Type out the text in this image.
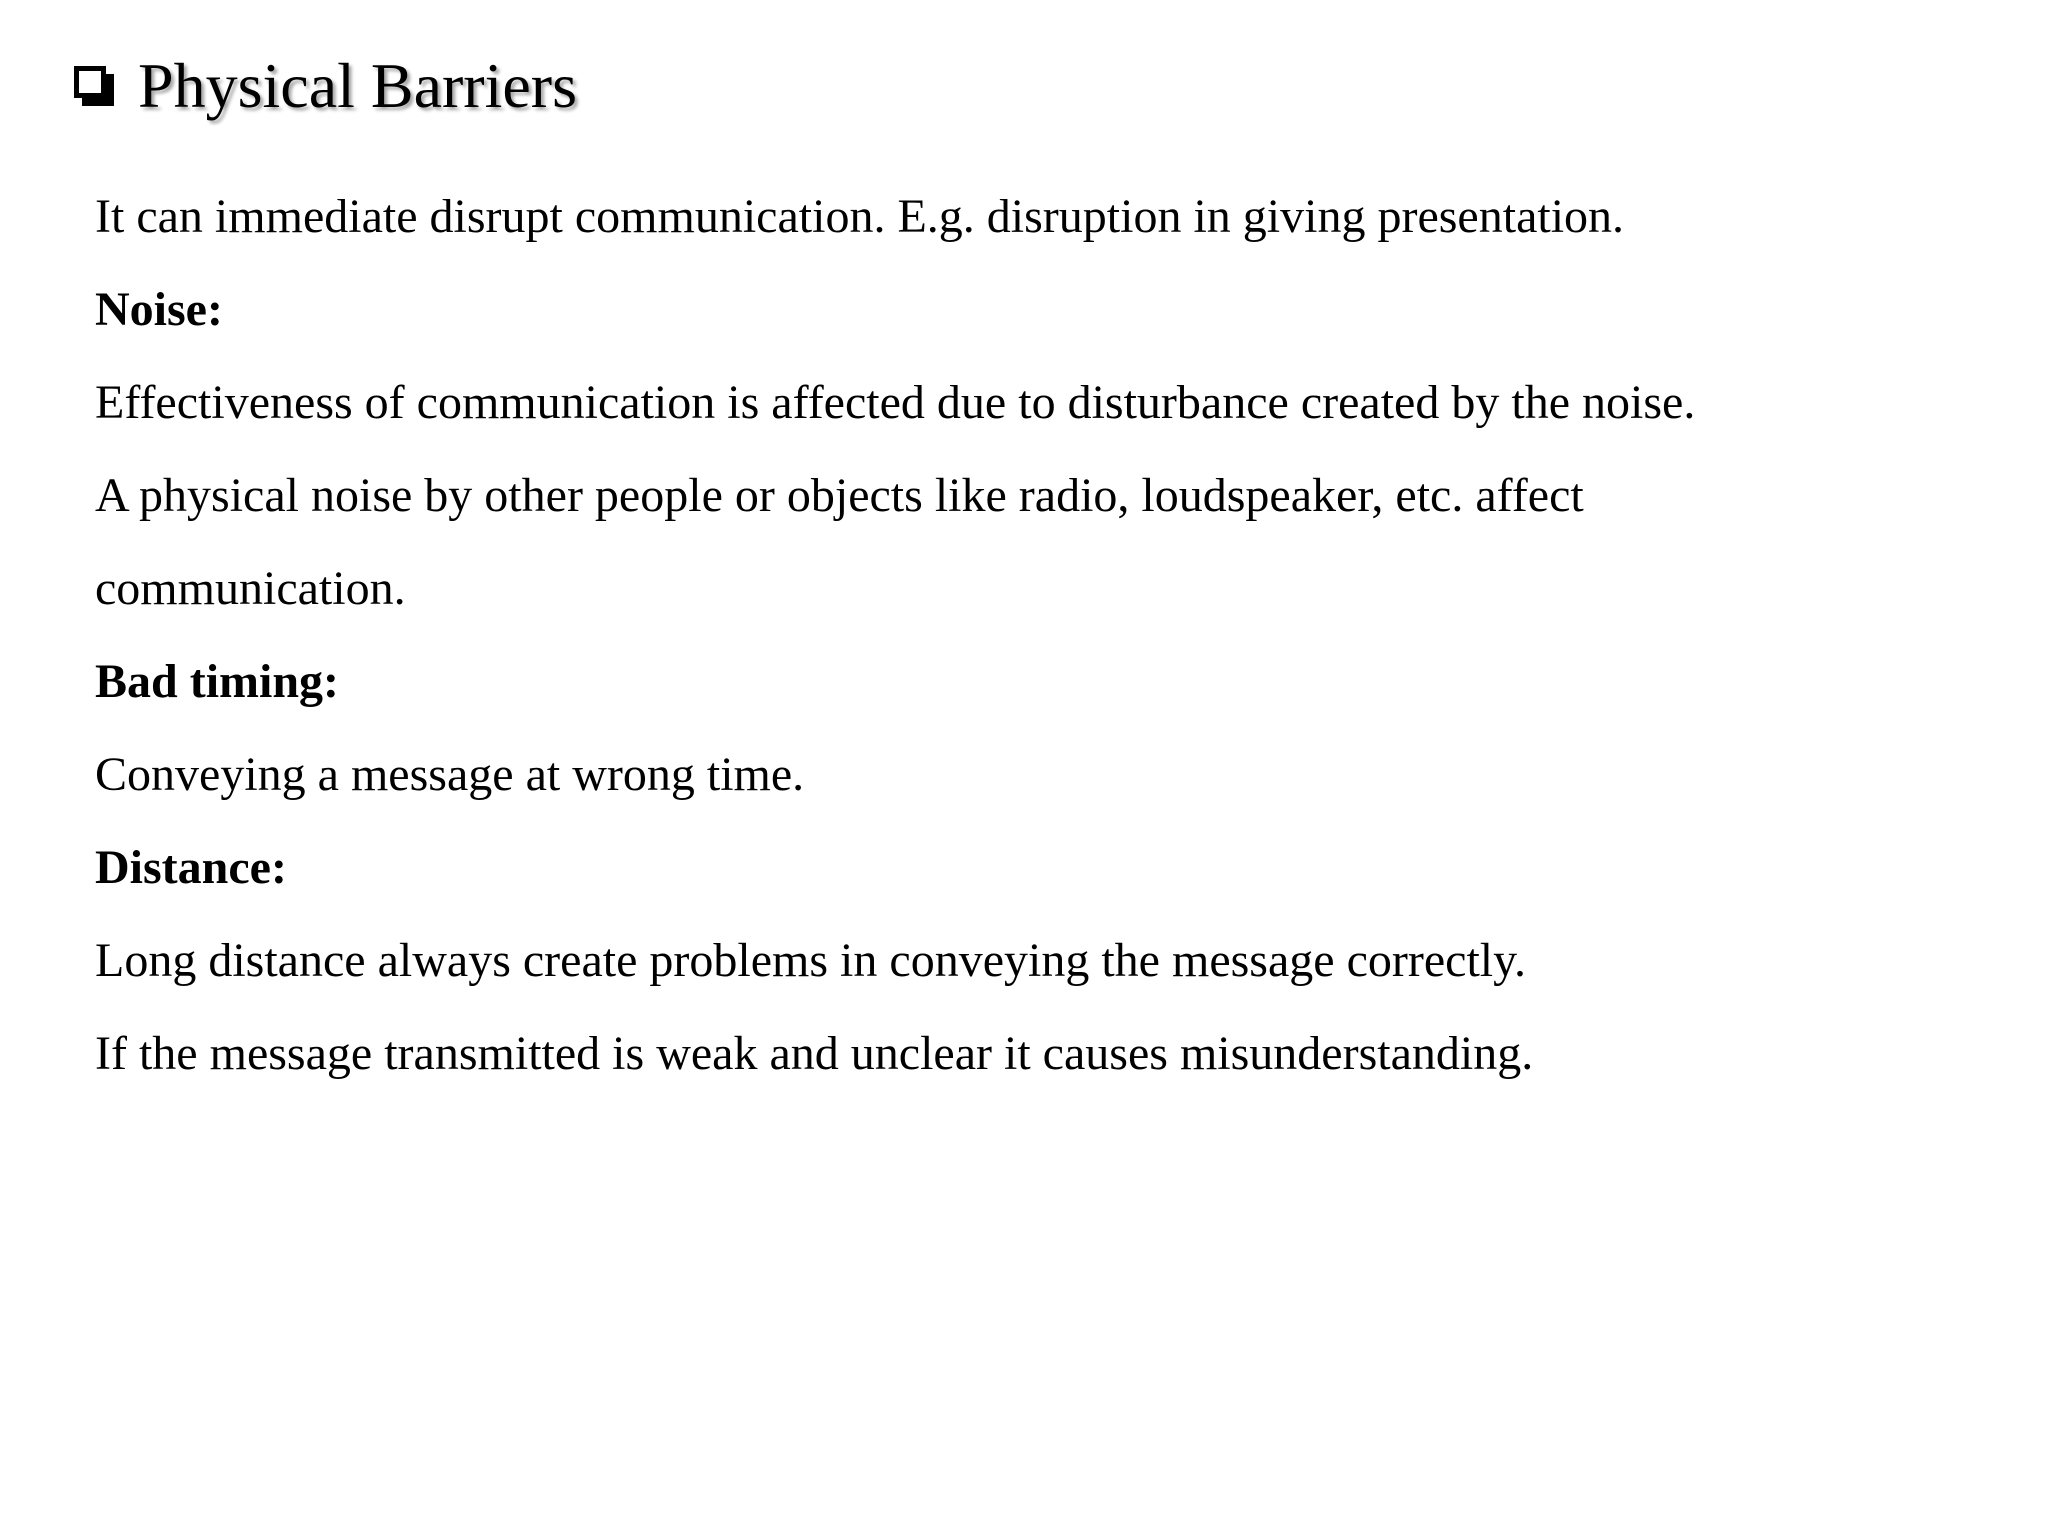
Physical Barriers
It can immediate disrupt communication. E.g. disruption in giving presentation.
Noise:
Effectiveness of communication is affected due to disturbance created by the noise.
A physical noise by other people or objects like radio, loudspeaker, etc. affect
communication.
Bad timing:
Conveying a message at wrong time.
Distance:
Long distance always create problems in conveying the message correctly.
If the message transmitted is weak and unclear it causes misunderstanding.
